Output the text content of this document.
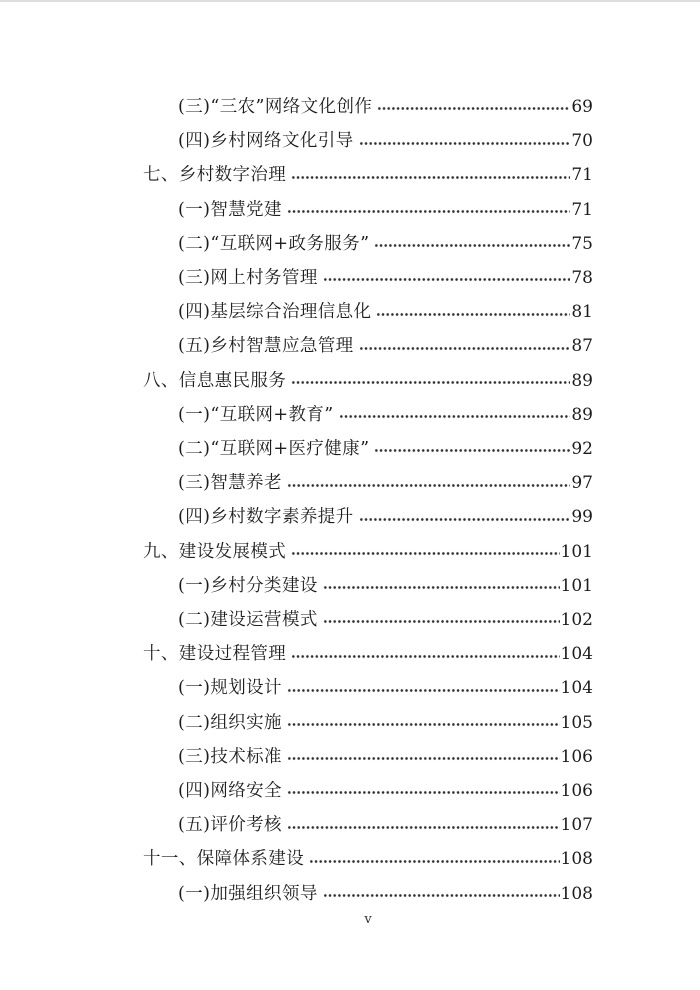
(三)“三农”网络文化创作	69
(四)乡村网络文化引导	70
七、乡村数字治理	71
(一)智慧党建	71
(二)“互联网+政务服务”	75
(三)网上村务管理	78
(四)基层综合治理信息化	81
(五)乡村智慧应急管理	87
八、信息惠民服务	89
(一)“互联网+教育”	89
(二)“互联网+医疗健康”	92
(三)智慧养老	97
(四)乡村数字素养提升	99
九、建设发展模式	101
(一)乡村分类建设	101
(二)建设运营模式	102
十、建设过程管理	104
(一)规划设计	104
(二)组织实施	105
(三)技术标准	106
(四)网络安全	106
(五)评价考核	107
十一、保障体系建设	108
(一)加强组织领导	108
v
